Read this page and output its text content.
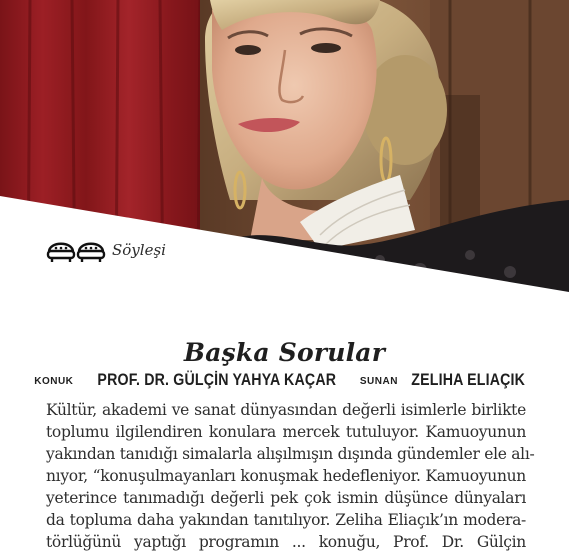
Söyleşi
Başka Sorular
KONUK PROF. DR. GÜLÇİN YAHYA KAÇAR SUNAN ZELIHA ELIAÇIK
Kültür, akademi ve sanat dünyasından değerli isimlerle birlikte
toplumu ilgilendiren konulara mercek tutuluyor. Kamuoyunun
yakından tanıdığı simalarla alışılmışın dışında gündemler ele alı-
nıyor, “konuşulmayanları konuşmak hedefleniyor. Kamuoyunun
yeterince tanımadığı değerli pek çok ismin düşünce dünyaları
da topluma daha yakından tanıtılıyor. Zeliha Eliaçık’ın modera-
törlüğünü yaptığı programın ... konuğu, Prof. Dr. Gülçin
